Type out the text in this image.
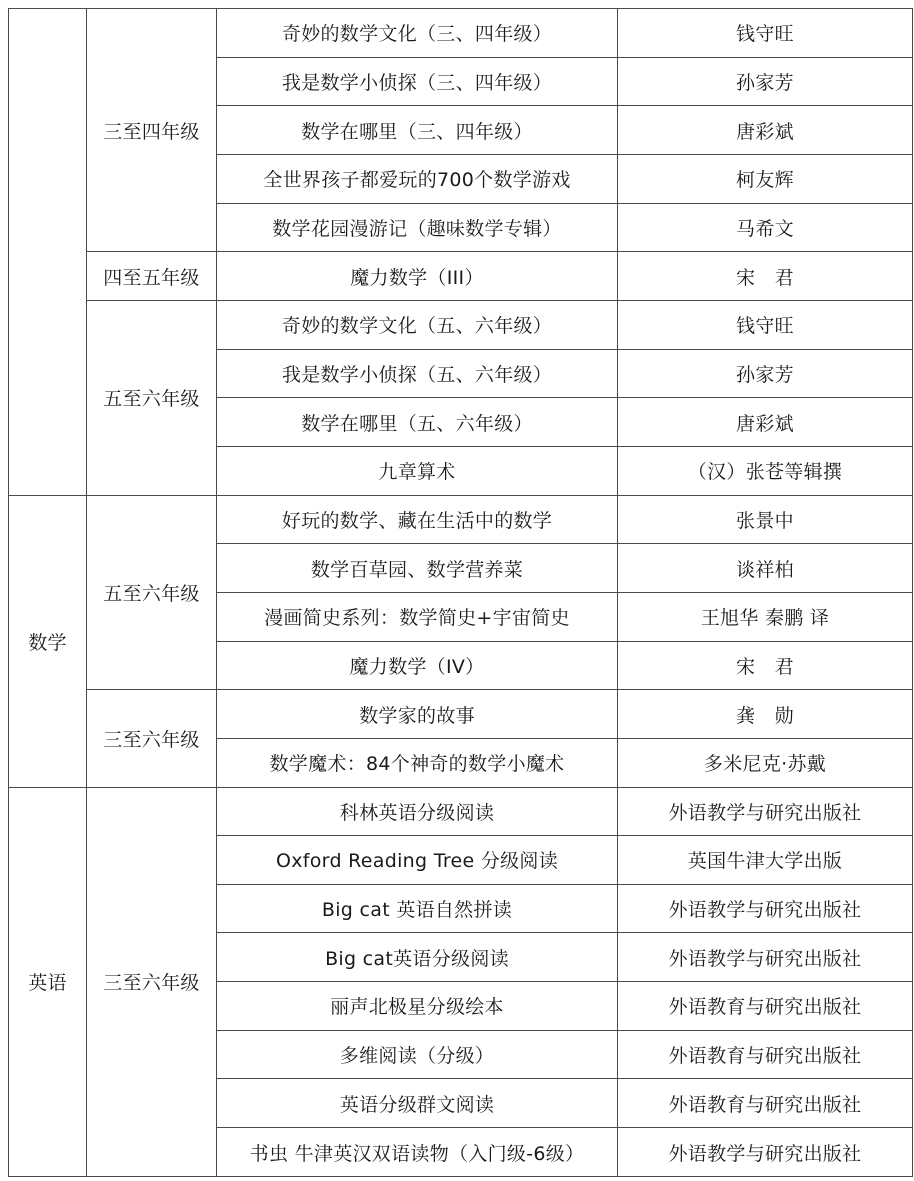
	三至四年级	奇妙的数学文化（三、四年级）	钱守旺
		我是数学小侦探（三、四年级）	孙家芳
		数学在哪里（三、四年级）	唐彩斌
		全世界孩子都爱玩的700个数学游戏	柯友辉
		数学花园漫游记（趣味数学专辑）	马希文
	四至五年级	魔力数学（III）	宋　君
	五至六年级	奇妙的数学文化（五、六年级）	钱守旺
		我是数学小侦探（五、六年级）	孙家芳
		数学在哪里（五、六年级）	唐彩斌
		九章算术	（汉）张苍等辑撰
数学	五至六年级	好玩的数学、藏在生活中的数学	张景中
		数学百草园、数学营养菜	谈祥柏
		漫画简史系列：数学简史+宇宙简史	王旭华 秦鹏 译
		魔力数学（IV）	宋　君
	三至六年级	数学家的故事	龚　勋
		数学魔术：84个神奇的数学小魔术	多米尼克·苏戴
英语	三至六年级	科林英语分级阅读	外语教学与研究出版社
		Oxford Reading Tree 分级阅读	英国牛津大学出版
		Big cat 英语自然拼读	外语教学与研究出版社
		Big cat英语分级阅读	外语教学与研究出版社
		丽声北极星分级绘本	外语教育与研究出版社
		多维阅读（分级）	外语教育与研究出版社
		英语分级群文阅读	外语教育与研究出版社
		书虫 牛津英汉双语读物（入门级-6级）	外语教学与研究出版社
